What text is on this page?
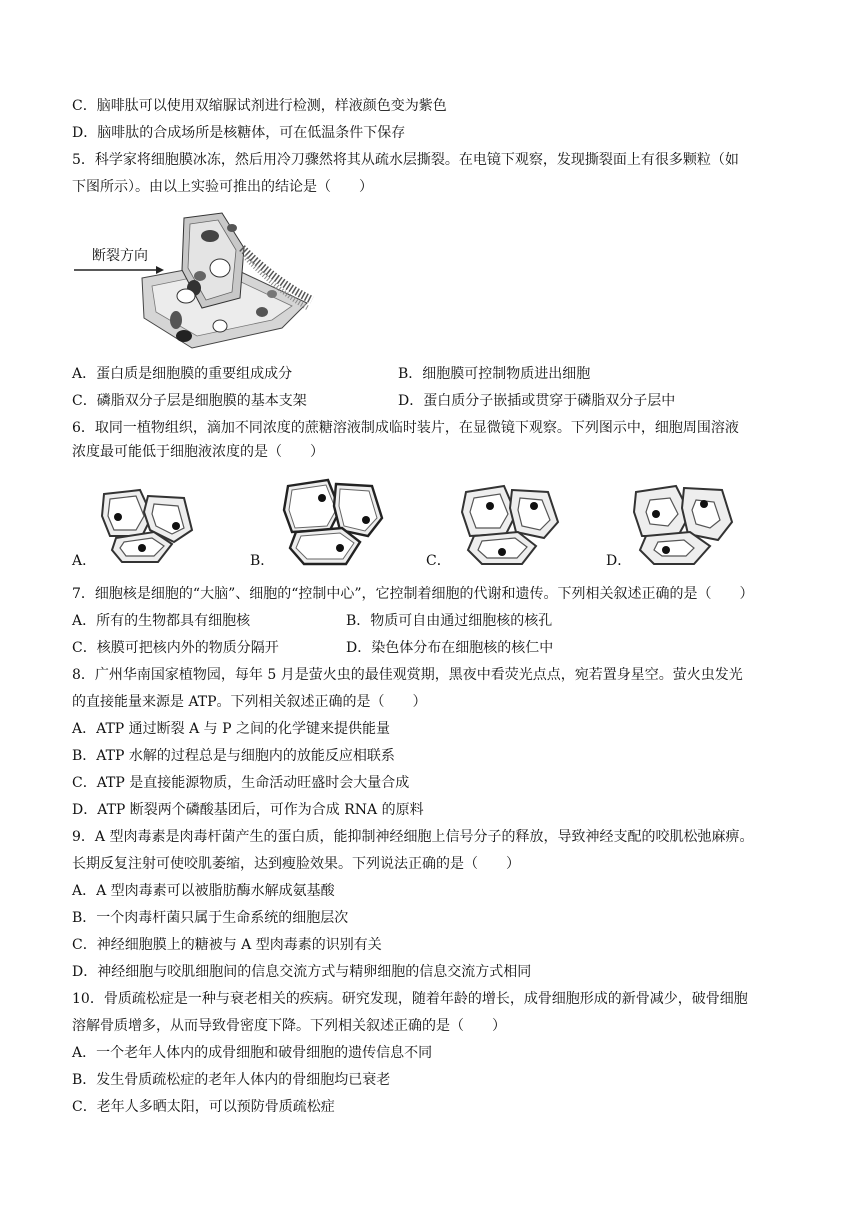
C．脑啡肽可以使用双缩脲试剂进行检测，样液颜色变为紫色
D．脑啡肽的合成场所是核糖体，可在低温条件下保存
5．科学家将细胞膜冰冻，然后用冷刀骤然将其从疏水层撕裂。在电镜下观察，发现撕裂面上有很多颗粒（如
下图所示）。由以上实验可推出的结论是（　　）
断裂方向
A．蛋白质是细胞膜的重要组成成分	B．细胞膜可控制物质进出细胞
C．磷脂双分子层是细胞膜的基本支架	D．蛋白质分子嵌插或贯穿于磷脂双分子层中
6．取同一植物组织，滴加不同浓度的蔗糖溶液制成临时装片，在显微镜下观察。下列图示中，细胞周围溶液
浓度最可能低于细胞液浓度的是（　　）
A．	B．	C．	D．
7．细胞核是细胞的“大脑”、细胞的“控制中心”，它控制着细胞的代谢和遗传。下列相关叙述正确的是（　　）
A．所有的生物都具有细胞核	B．物质可自由通过细胞核的核孔
C．核膜可把核内外的物质分隔开	D．染色体分布在细胞核的核仁中
8．广州华南国家植物园，每年 5 月是萤火虫的最佳观赏期，黑夜中看荧光点点，宛若置身星空。萤火虫发光
的直接能量来源是 ATP。下列相关叙述正确的是（　　）
A．ATP 通过断裂 A 与 P 之间的化学键来提供能量
B．ATP 水解的过程总是与细胞内的放能反应相联系
C．ATP 是直接能源物质，生命活动旺盛时会大量合成
D．ATP 断裂两个磷酸基团后，可作为合成 RNA 的原料
9．A 型肉毒素是肉毒杆菌产生的蛋白质，能抑制神经细胞上信号分子的释放，导致神经支配的咬肌松弛麻痹。
长期反复注射可使咬肌萎缩，达到瘦脸效果。下列说法正确的是（　　）
A．A 型肉毒素可以被脂肪酶水解成氨基酸
B．一个肉毒杆菌只属于生命系统的细胞层次
C．神经细胞膜上的糖被与 A 型肉毒素的识别有关
D．神经细胞与咬肌细胞间的信息交流方式与精卵细胞的信息交流方式相同
10．骨质疏松症是一种与衰老相关的疾病。研究发现，随着年龄的增长，成骨细胞形成的新骨减少，破骨细胞
溶解骨质增多，从而导致骨密度下降。下列相关叙述正确的是（　　）
A．一个老年人体内的成骨细胞和破骨细胞的遗传信息不同
B．发生骨质疏松症的老年人体内的骨细胞均已衰老
C．老年人多晒太阳，可以预防骨质疏松症
